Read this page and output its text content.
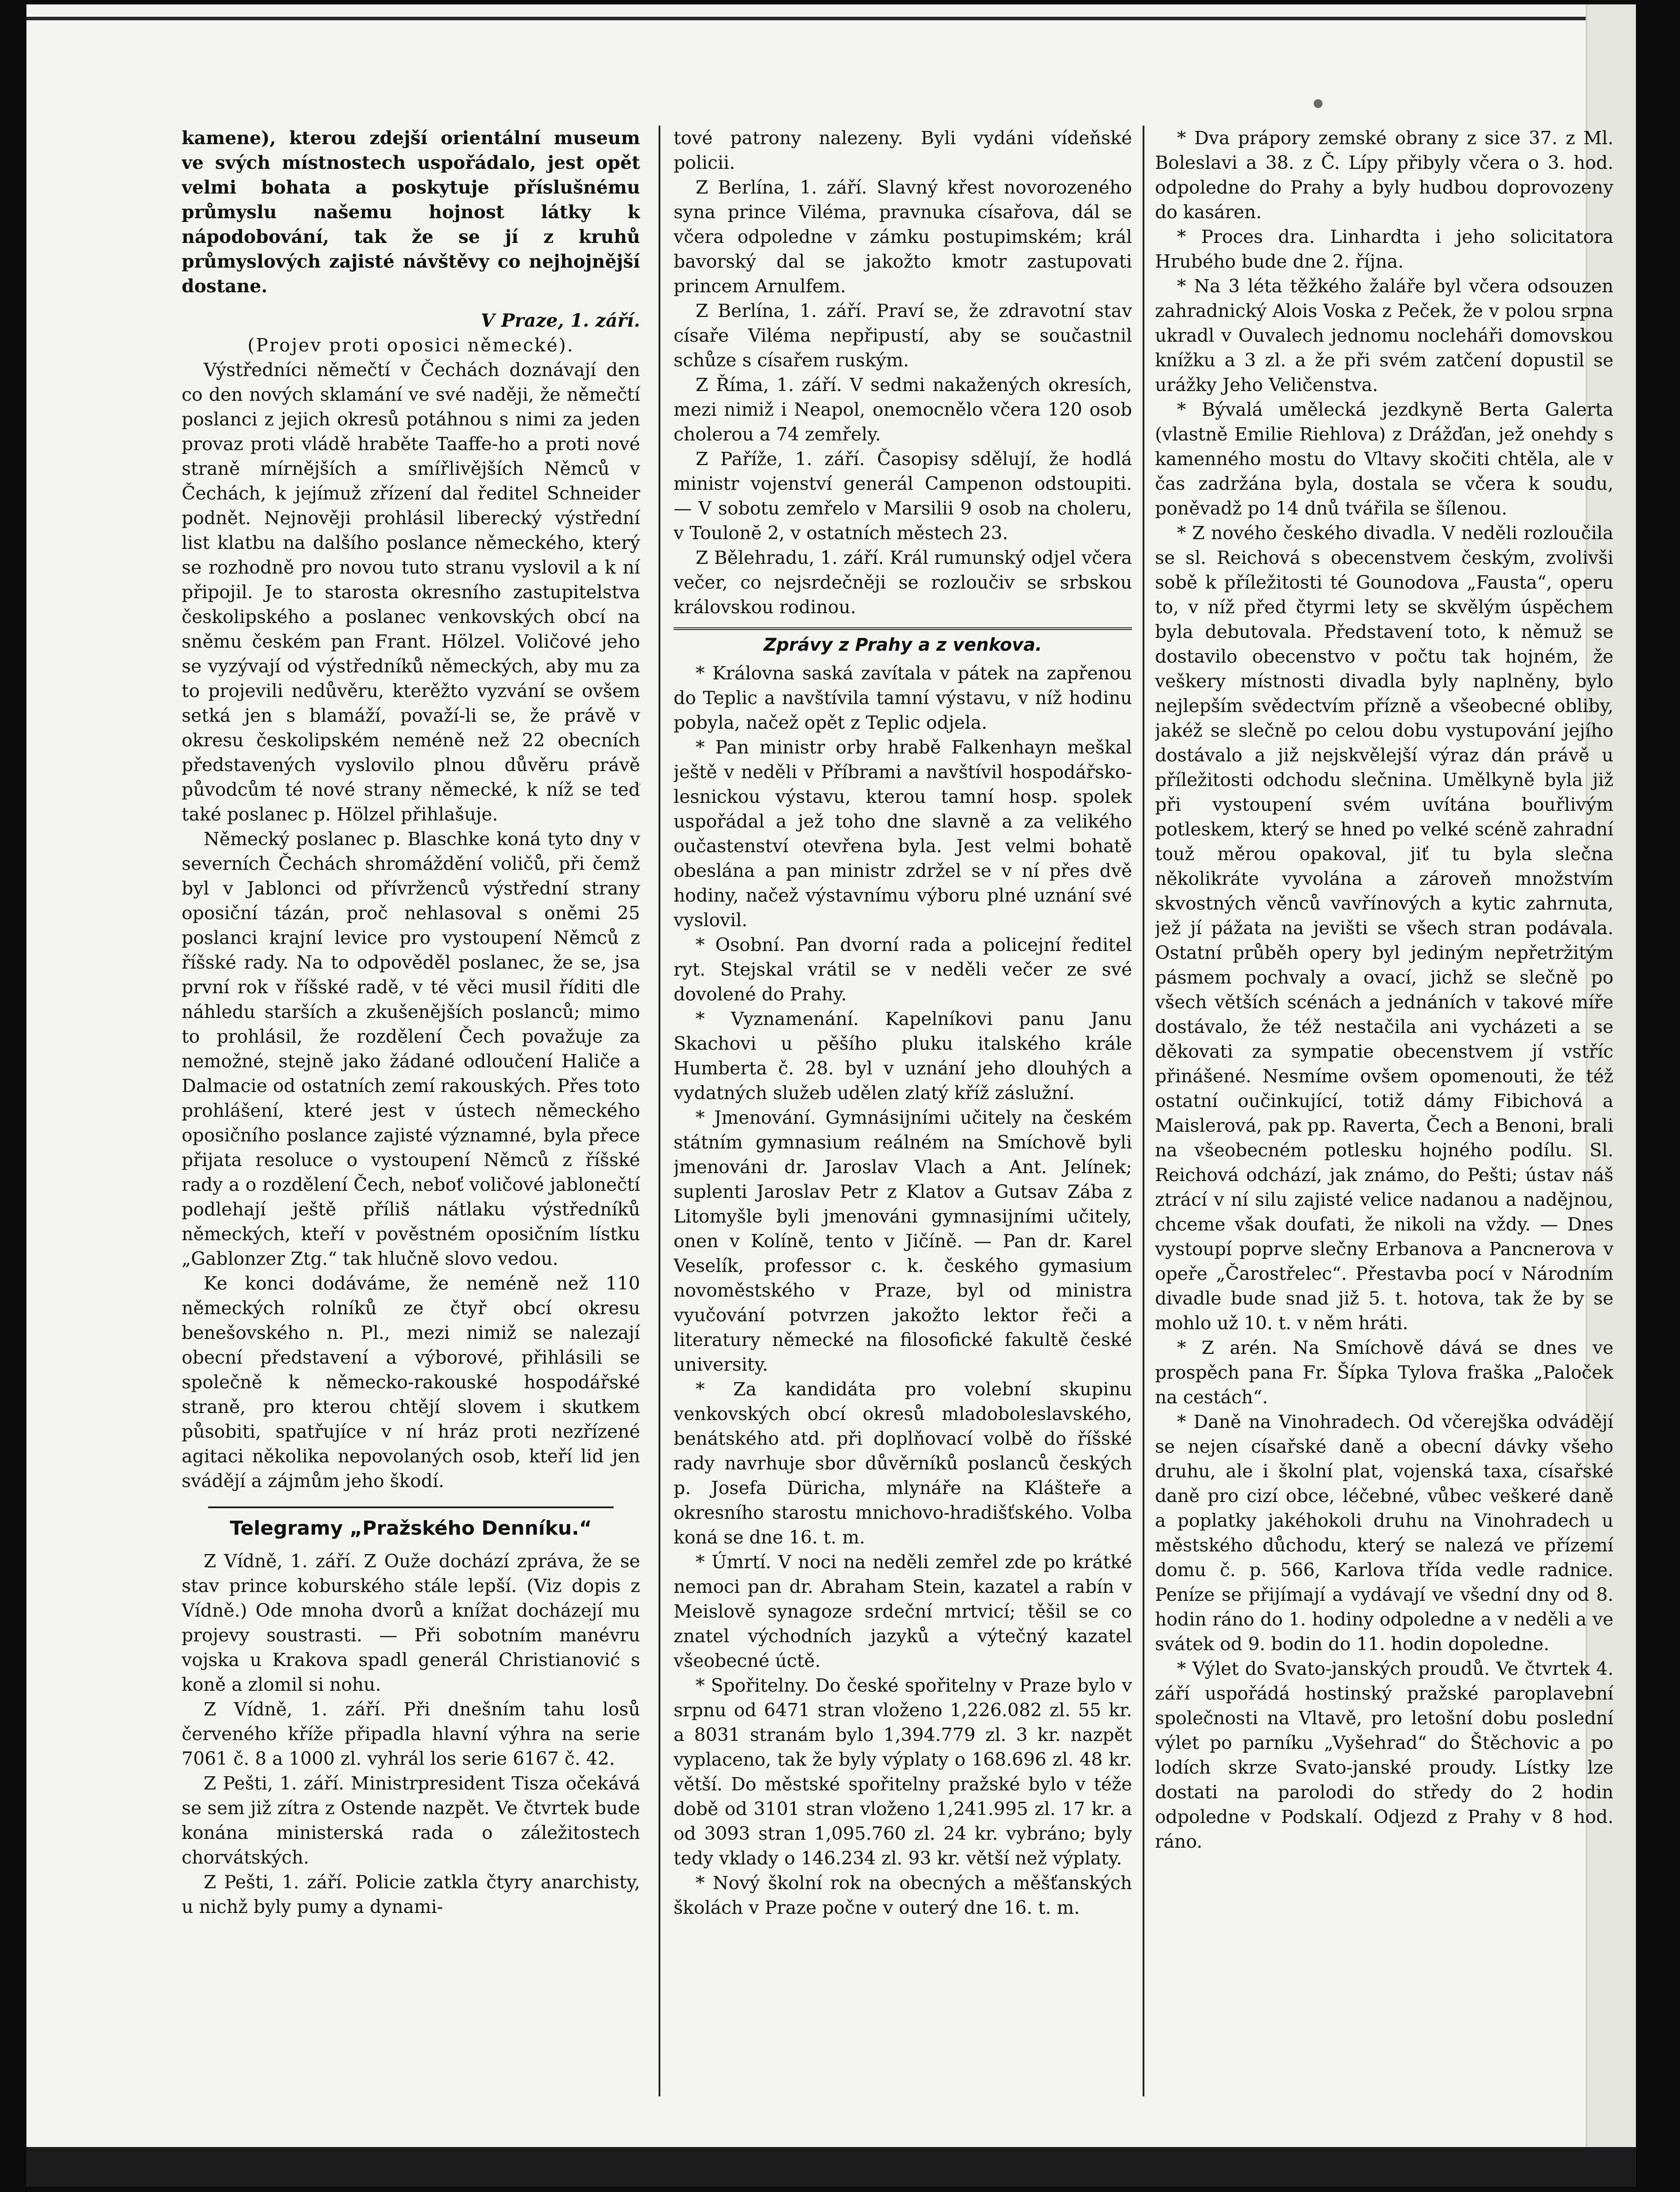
kamene), kterou zdejší orientální museum ve svých místnostech uspořádalo, jest opět velmi bohata a poskytuje příslušnému průmyslu našemu hojnost látky k nápodobování, tak že se jí z kruhů průmyslových zajisté návštěvy co nejhojnější dostane.

V Praze, 1. září.
(Projev proti oposici německé).

Výstředníci němečtí v Čechách doznávají den co den nových sklamání ve své naději, že němečtí poslanci z jejich okresů potáhnou s nimi za jeden provaz proti vládě hraběte Taaffe-ho a proti nové straně mírnějších a smířlivějších Němců v Čechách, k jejímuž zřízení dal ředitel Schneider podnět. Nejnověji prohlásil liberecký výstřední list klatbu na dalšího poslance německého, který se rozhodně pro novou tuto stranu vyslovil a k ní připojil. Je to starosta okresního zastupitelstva českolipského a poslanec venkovských obcí na sněmu českém pan Frant. Hölzel. Voličové jeho se vyzývají od výstředníků německých, aby mu za to projevili nedůvěru, kterěžto vyzvání se ovšem setká jen s blamáží, považí-li se, že právě v okresu českolipském neméně než 22 obecních představených vyslovilo plnou důvěru právě původcům té nové strany německé, k níž se teď také poslanec p. Hölzel přihlašuje.

Německý poslanec p. Blaschke koná tyto dny v severních Čechách shromáždění voličů, při čemž byl v Jablonci od přívrženců výstřední strany oposiční tázán, proč nehlasoval s oněmi 25 poslanci krajní levice pro vystoupení Němců z říšské rady. Na to odpověděl poslanec, že se, jsa první rok v říšské radě, v té věci musil říditi dle náhledu starších a zkušenějších poslanců; mimo to prohlásil, že rozdělení Čech považuje za nemožné, stejně jako žádané odloučení Haliče a Dalmacie od ostatních zemí rakouských. Přes toto prohlášení, které jest v ústech německého oposičního poslance zajisté významné, byla přece přijata resoluce o vystoupení Němců z říšské rady a o rozdělení Čech, neboť voličové jablonečtí podlehají ještě příliš nátlaku výstředníků německých, kteří v pověstném oposičním lístku „Gablonzer Ztg.“ tak hlučně slovo vedou.

Ke konci dodáváme, že neméně než 110 německých rolníků ze čtyř obcí okresu benešovského n. Pl., mezi nimiž se nalezají obecní představení a výborové, přihlásili se společně k německo-rakouské hospodářské straně, pro kterou chtějí slovem i skutkem působiti, spatřujíce v ní hráz proti nezřízené agitaci několika nepovolaných osob, kteří lid jen svádějí a zájmům jeho škodí.

Telegramy „Pražského Denníku.“

Z Vídně, 1. září. Z Ouže dochází zpráva, že se stav prince koburského stále lepší. (Viz dopis z Vídně.) Ode mnoha dvorů a knížat docházejí mu projevy soustrasti. — Při sobotním manévru vojska u Krakova spadl generál Christianović s koně a zlomil si nohu.

Z Vídně, 1. září. Při dnešním tahu losů červeného kříže připadla hlavní výhra na serie 7061 č. 8 a 1000 zl. vyhrál los serie 6167 č. 42.

Z Pešti, 1. září. Ministrpresident Tisza očekává se sem již zítra z Ostende nazpět. Ve čtvrtek bude konána ministerská rada o záležitostech chorvátských.

Z Pešti, 1. září. Policie zatkla čtyry anarchisty, u nichž byly pumy a dynami-

tové patrony nalezeny. Byli vydáni vídeňské policii.

Z Berlína, 1. září. Slavný křest novorozeného syna prince Viléma, pravnuka císařova, dál se včera odpoledne v zámku postupimském; král bavorský dal se jakožto kmotr zastupovati princem Arnulfem.

Z Berlína, 1. září. Praví se, že zdravotní stav císaře Viléma nepřipustí, aby se součastnil schůze s císařem ruským.

Z Říma, 1. září. V sedmi nakažených okresích, mezi nimiž i Neapol, onemocnělo včera 120 osob cholerou a 74 zemřely.

Z Paříže, 1. září. Časopisy sdělují, že hodlá ministr vojenství generál Campenon odstoupiti. — V sobotu zemřelo v Marsilii 9 osob na choleru, v Toulonĕ 2, v ostatních městech 23.

Z Bělehradu, 1. září. Král rumunský odjel včera večer, co nejsrdečněji se rozloučiv se srbskou královskou rodinou.

Zprávy z Prahy a z venkova.

* Královna saská zavítala v pátek na zapřenou do Teplic a navštívila tamní výstavu, v níž hodinu pobyla, načež opět z Teplic odjela.

* Pan ministr orby hrabě Falkenhayn meškal ještě v neděli v Příbrami a navštívil hospodářsko-lesnickou výstavu, kterou tamní hosp. spolek uspořádal a jež toho dne slavně a za velikého oučastenství otevřena byla. Jest velmi bohatě obeslána a pan ministr zdržel se v ní přes dvě hodiny, načež výstavnímu výboru plné uznání své vyslovil.

* Osobní. Pan dvorní rada a policejní ředitel ryt. Stejskal vrátil se v neděli večer ze své dovolené do Prahy.

* Vyznamenání. Kapelníkovi panu Janu Skachovi u pěšího pluku italského krále Humberta č. 28. byl v uznání jeho dlouhých a vydatných služeb udělen zlatý kříž záslužní.

* Jmenování. Gymnásijními učitely na českém státním gymnasium reálném na Smíchově byli jmenováni dr. Jaroslav Vlach a Ant. Jelínek; suplenti Jaroslav Petr z Klatov a Gutsav Zába z Litomyšle byli jmenováni gymnasijními učitely, onen v Kolíně, tento v Jičíně. — Pan dr. Karel Veselík, professor c. k. českého gymasium novoměstského v Praze, byl od ministra vyučování potvrzen jakožto lektor řeči a literatury německé na filosofické fakultě české university.

* Za kandidáta pro volební skupinu venkovských obcí okresů mladoboleslavského, benátského atd. při doplňovací volbě do říšské rady navrhuje sbor důvěrníků poslanců českých p. Josefa Düricha, mlynáře na Klášteře a okresního starostu mnichovo-hradišťského. Volba koná se dne 16. t. m.

* Úmrtí. V noci na neděli zemřel zde po krátké nemoci pan dr. Abraham Stein, kazatel a rabín v Meislově synagoze srdeční mrtvicí; těšil se co znatel východních jazyků a výtečný kazatel všeobecné úctě.

* Spořitelny. Do české spořitelny v Praze bylo v srpnu od 6471 stran vloženo 1,226.082 zl. 55 kr. a 8031 stranám bylo 1,394.779 zl. 3 kr. nazpět vyplaceno, tak že byly výplaty o 168.696 zl. 48 kr. větší. Do městské spořitelny pražské bylo v téže době od 3101 stran vloženo 1,241.995 zl. 17 kr. a od 3093 stran 1,095.760 zl. 24 kr. vybráno; byly tedy vklady o 146.234 zl. 93 kr. větší než výplaty.

* Nový školní rok na obecných a měšťanských školách v Praze počne v outerý dne 16. t. m.

* Dva prápory zemské obrany z sice 37. z Ml. Boleslavi a 38. z Č. Lípy přibyly včera o 3. hod. odpoledne do Prahy a byly hudbou doprovozeny do kasáren.

* Proces dra. Linhardta i jeho solicitatora Hrubého bude dne 2. října.

* Na 3 léta těžkého žaláře byl včera odsouzen zahradnický Alois Voska z Peček, že v polou srpna ukradl v Ouvalech jednomu nocleháři domovskou knížku a 3 zl. a že při svém zatčení dopustil se urážky Jeho Veličenstva.

* Bývalá umělecká jezdkyně Berta Galerta (vlastně Emilie Riehlova) z Drážďan, jež onehdy s kamenného mostu do Vltavy skočiti chtěla, ale v čas zadržána byla, dostala se včera k soudu, poněvadž po 14 dnů tvářila se šílenou.

* Z nového českého divadla. V neděli rozloučila se sl. Reichová s obecenstvem českým, zvolivši sobě k příležitosti té Gounodova „Fausta“, operu to, v níž před čtyrmi lety se skvělým úspěchem byla debutovala. Představení toto, k němuž se dostavilo obecenstvo v počtu tak hojném, že veškery místnosti divadla byly naplněny, bylo nejlepším svědectvím přízně a všeobecné obliby, jakéž se slečně po celou dobu vystupování jejího dostávalo a již nejskvělejší výraz dán právě u příležitosti odchodu slečnina. Umělkyně byla již při vystoupení svém uvítána bouřlivým potleskem, který se hned po velké scéně zahradní touž měrou opakoval, jiť tu byla slečna několikráte vyvolána a zároveň množstvím skvostných věnců vavřínových a kytic zahrnuta, jež jí pážata na jevišti se všech stran podávala. Ostatní průběh opery byl jediným nepřetržitým pásmem pochvaly a ovací, jichž se slečně po všech větších scénách a jednáních v takové míře dostávalo, že též nestačila ani vycházeti a se děkovati za sympatie obecenstvem jí vstříc přinášené. Nesmíme ovšem opomenouti, že též ostatní oučinkující, totiž dámy Fibichová a Maislerová, pak pp. Raverta, Čech a Benoni, brali na všeobecném potlesku hojného podílu. Sl. Reichová odchází, jak známo, do Pešti; ústav náš ztrácí v ní silu zajisté velice nadanou a nadějnou, chceme však doufati, že nikoli na vždy. — Dnes vystoupí poprve slečny Erbanova a Pancnerova v opeře „Čarostřelec“. Přestavba pocí v Národním divadle bude snad již 5. t. hotova, tak že by se mohlo už 10. t. v něm hráti.

* Z arén. Na Smíchově dává se dnes ve prospěch pana Fr. Šípka Tylova fraška „Paloček na cestách“.

* Daně na Vinohradech. Od včerejška odvádějí se nejen císařské daně a obecní dávky všeho druhu, ale i školní plat, vojenská taxa, císařské daně pro cizí obce, léčebné, vůbec veškeré daně a poplatky jakéhokoli druhu na Vinohradech u městského důchodu, který se nalezá ve přízemí domu č. p. 566, Karlova třída vedle radnice. Peníze se přijímají a vydávají ve všední dny od 8. hodin ráno do 1. hodiny odpoledne a v neděli a ve svátek od 9. bodin do 11. hodin dopoledne.

* Výlet do Svato-janských proudů. Ve čtvrtek 4. září uspořádá hostinský pražské paroplavební společnosti na Vltavě, pro letošní dobu poslední výlet po parníku „Vyšehrad“ do Štěchovic a po lodích skrze Svato-janské proudy. Lístky lze dostati na parolodi do středy do 2 hodin odpoledne v Podskalí. Odjezd z Prahy v 8 hod. ráno.
